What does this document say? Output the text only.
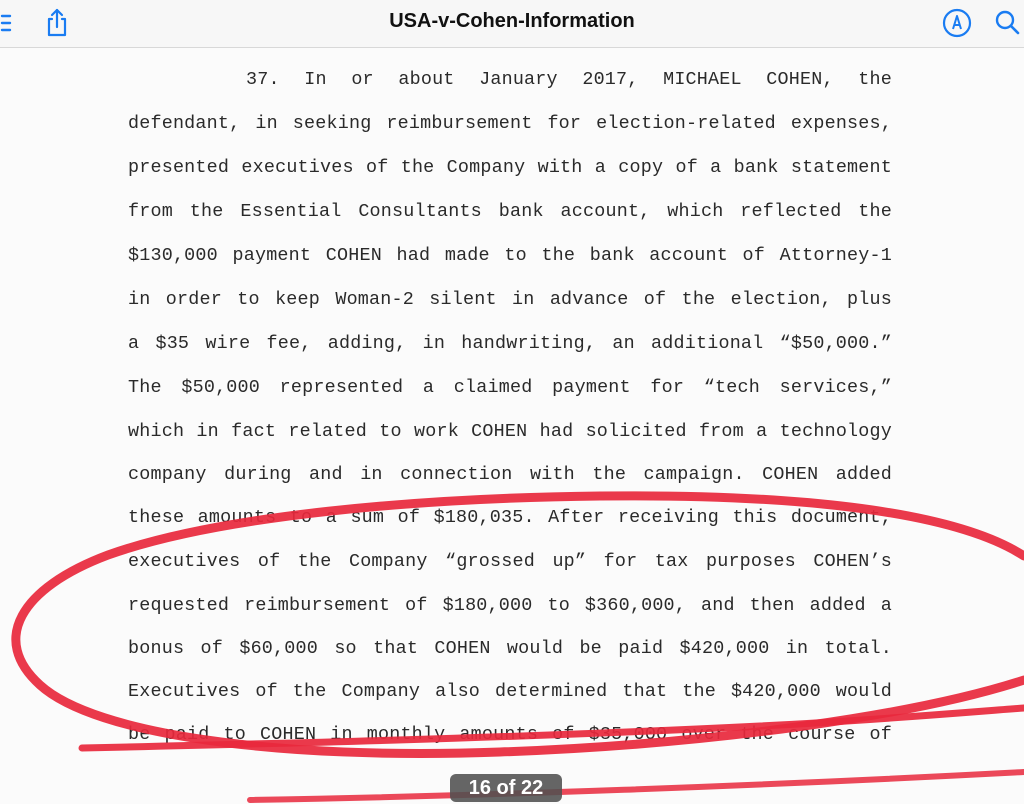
USA-v-Cohen-Information
37. In or about January 2017, MICHAEL COHEN, the
defendant, in seeking reimbursement for election-related expenses,
presented executives of the Company with a copy of a bank statement
from the Essential Consultants bank account, which reflected the
$130,000 payment COHEN had made to the bank account of Attorney-1
in order to keep Woman-2 silent in advance of the election, plus
a $35 wire fee, adding, in handwriting, an additional “$50,000.”
The $50,000 represented a claimed payment for “tech services,”
which in fact related to work COHEN had solicited from a technology
company during and in connection with the campaign. COHEN added
these amounts to a sum of $180,035. After receiving this document,
executives of the Company “grossed up” for tax purposes COHEN’s
requested reimbursement of $180,000 to $360,000, and then added a
bonus of $60,000 so that COHEN would be paid $420,000 in total.
Executives of the Company also determined that the $420,000 would
be paid to COHEN in monthly amounts of $35,000 over the course of
16 of 22
